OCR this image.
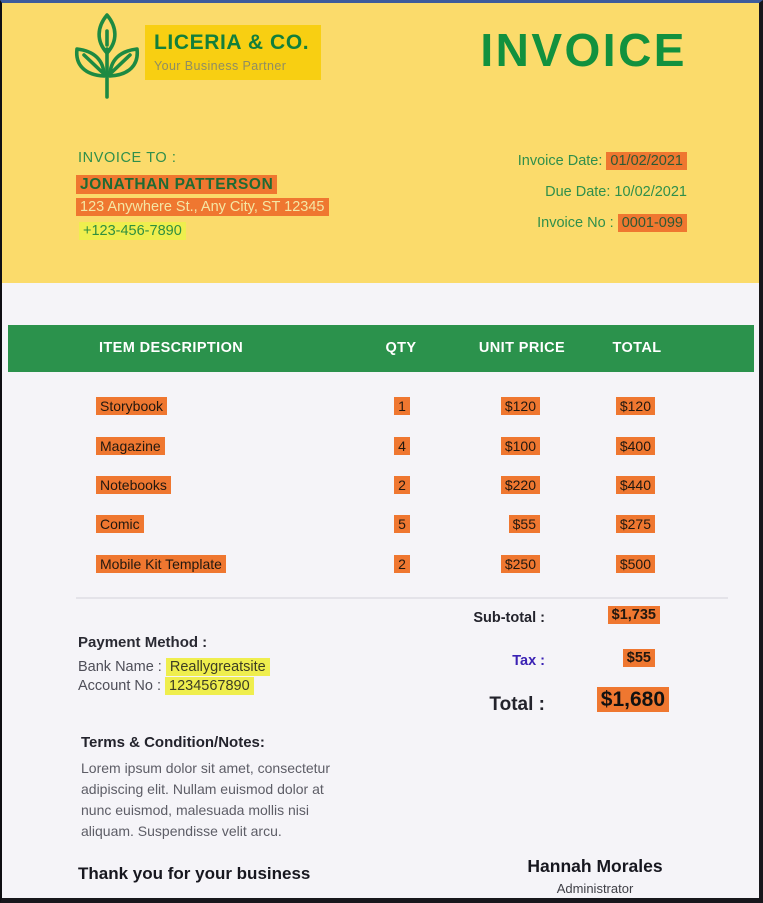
LICERIA & CO.
Your Business Partner	INVOICE
INVOICE TO :
JONATHAN PATTERSON
123 Anywhere St., Any City, ST 12345
+123-456-7890
Invoice Date: 01/02/2021
Due Date: 10/02/2021
Invoice No : 0001-099
ITEM DESCRIPTION	QTY	UNIT PRICE	TOTAL
Storybook	1	$120	$120
Magazine	4	$100	$400
Notebooks	2	$220	$440
Comic	5	$55	$275
Mobile Kit Template	2	$250	$500
Sub-total :	$1,735
Tax :	$55
Total :	$1,680
Payment Method :
Bank Name : Reallygreatsite
Account No : 1234567890
Terms & Condition/Notes:
Lorem ipsum dolor sit amet, consectetur
adipiscing elit. Nullam euismod dolor at
nunc euismod, malesuada mollis nisi
aliquam. Suspendisse velit arcu.
Thank you for your business	Hannah Morales
Administrator
